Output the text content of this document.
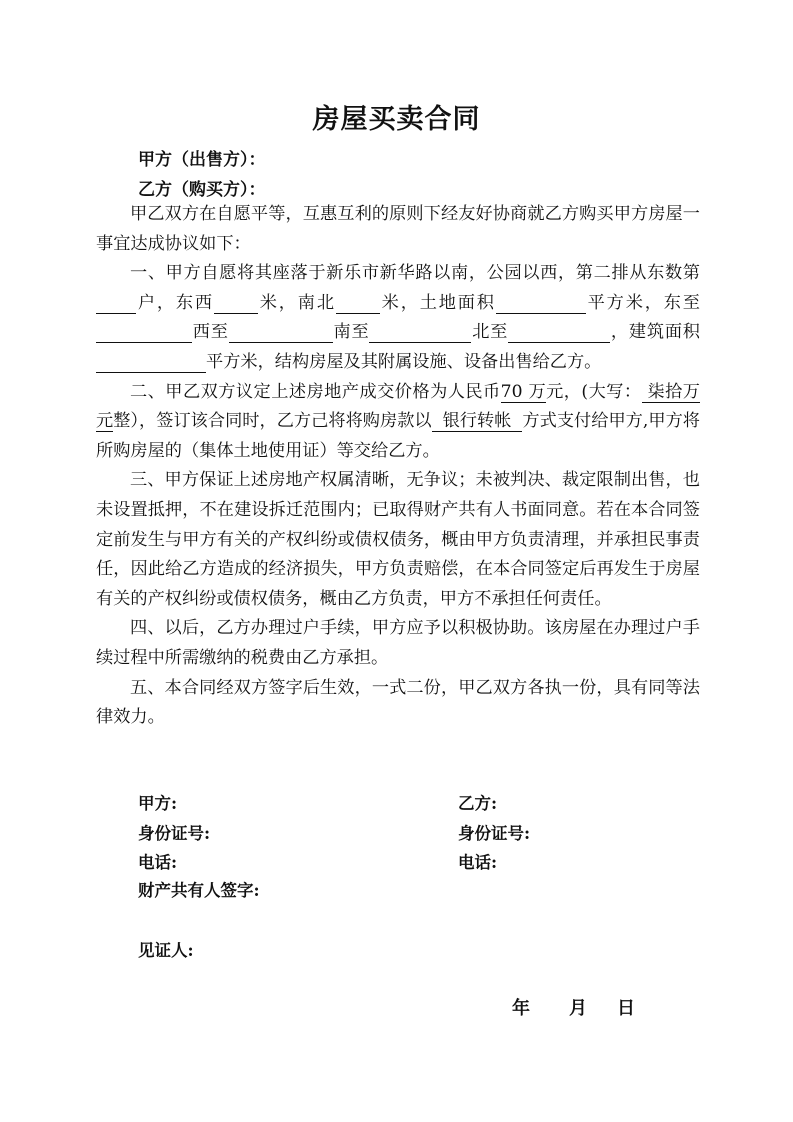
房屋买卖合同
甲方（出售方）：
乙方（购买方）：

甲乙双方在自愿平等，互惠互利的原则下经友好协商就乙方购买甲方房屋一事宜达成协议如下：

一、甲方自愿将其座落于新乐市新华路以南，公园以西，第二排从东数第 户，东西	米，南北	米，土地面积	平方米，东至 西至	南至	北至	，建筑面积 平方米，结构房屋及其附属设施、设备出售给乙方。

二、甲乙双方议定上述房地产成交价格为人民币70 万元，(大写： 柒拾万元整），签订该合同时，乙方己将将购房款以  银行转帐  方式支付给甲方,甲方将所购房屋的（集体土地使用证）等交给乙方。

三、甲方保证上述房地产权属清晰，无争议；未被判决、裁定限制出售，也未设置抵押，不在建设拆迁范围内；已取得财产共有人书面同意。若在本合同签定前发生与甲方有关的产权纠纷或债权债务，概由甲方负责清理，并承担民事责任，因此给乙方造成的经济损失，甲方负责赔偿，在本合同签定后再发生于房屋有关的产权纠纷或债权债务，概由乙方负责，甲方不承担任何责任。

四、以后，乙方办理过户手续，甲方应予以积极协助。该房屋在办理过户手续过程中所需缴纳的税费由乙方承担。

五、本合同经双方签字后生效，一式二份，甲乙双方各执一份，具有同等法律效力。

甲方:	乙方:
身份证号:	身份证号:
电话:	电话:
财产共有人签字:
见证人:
年 月 日
